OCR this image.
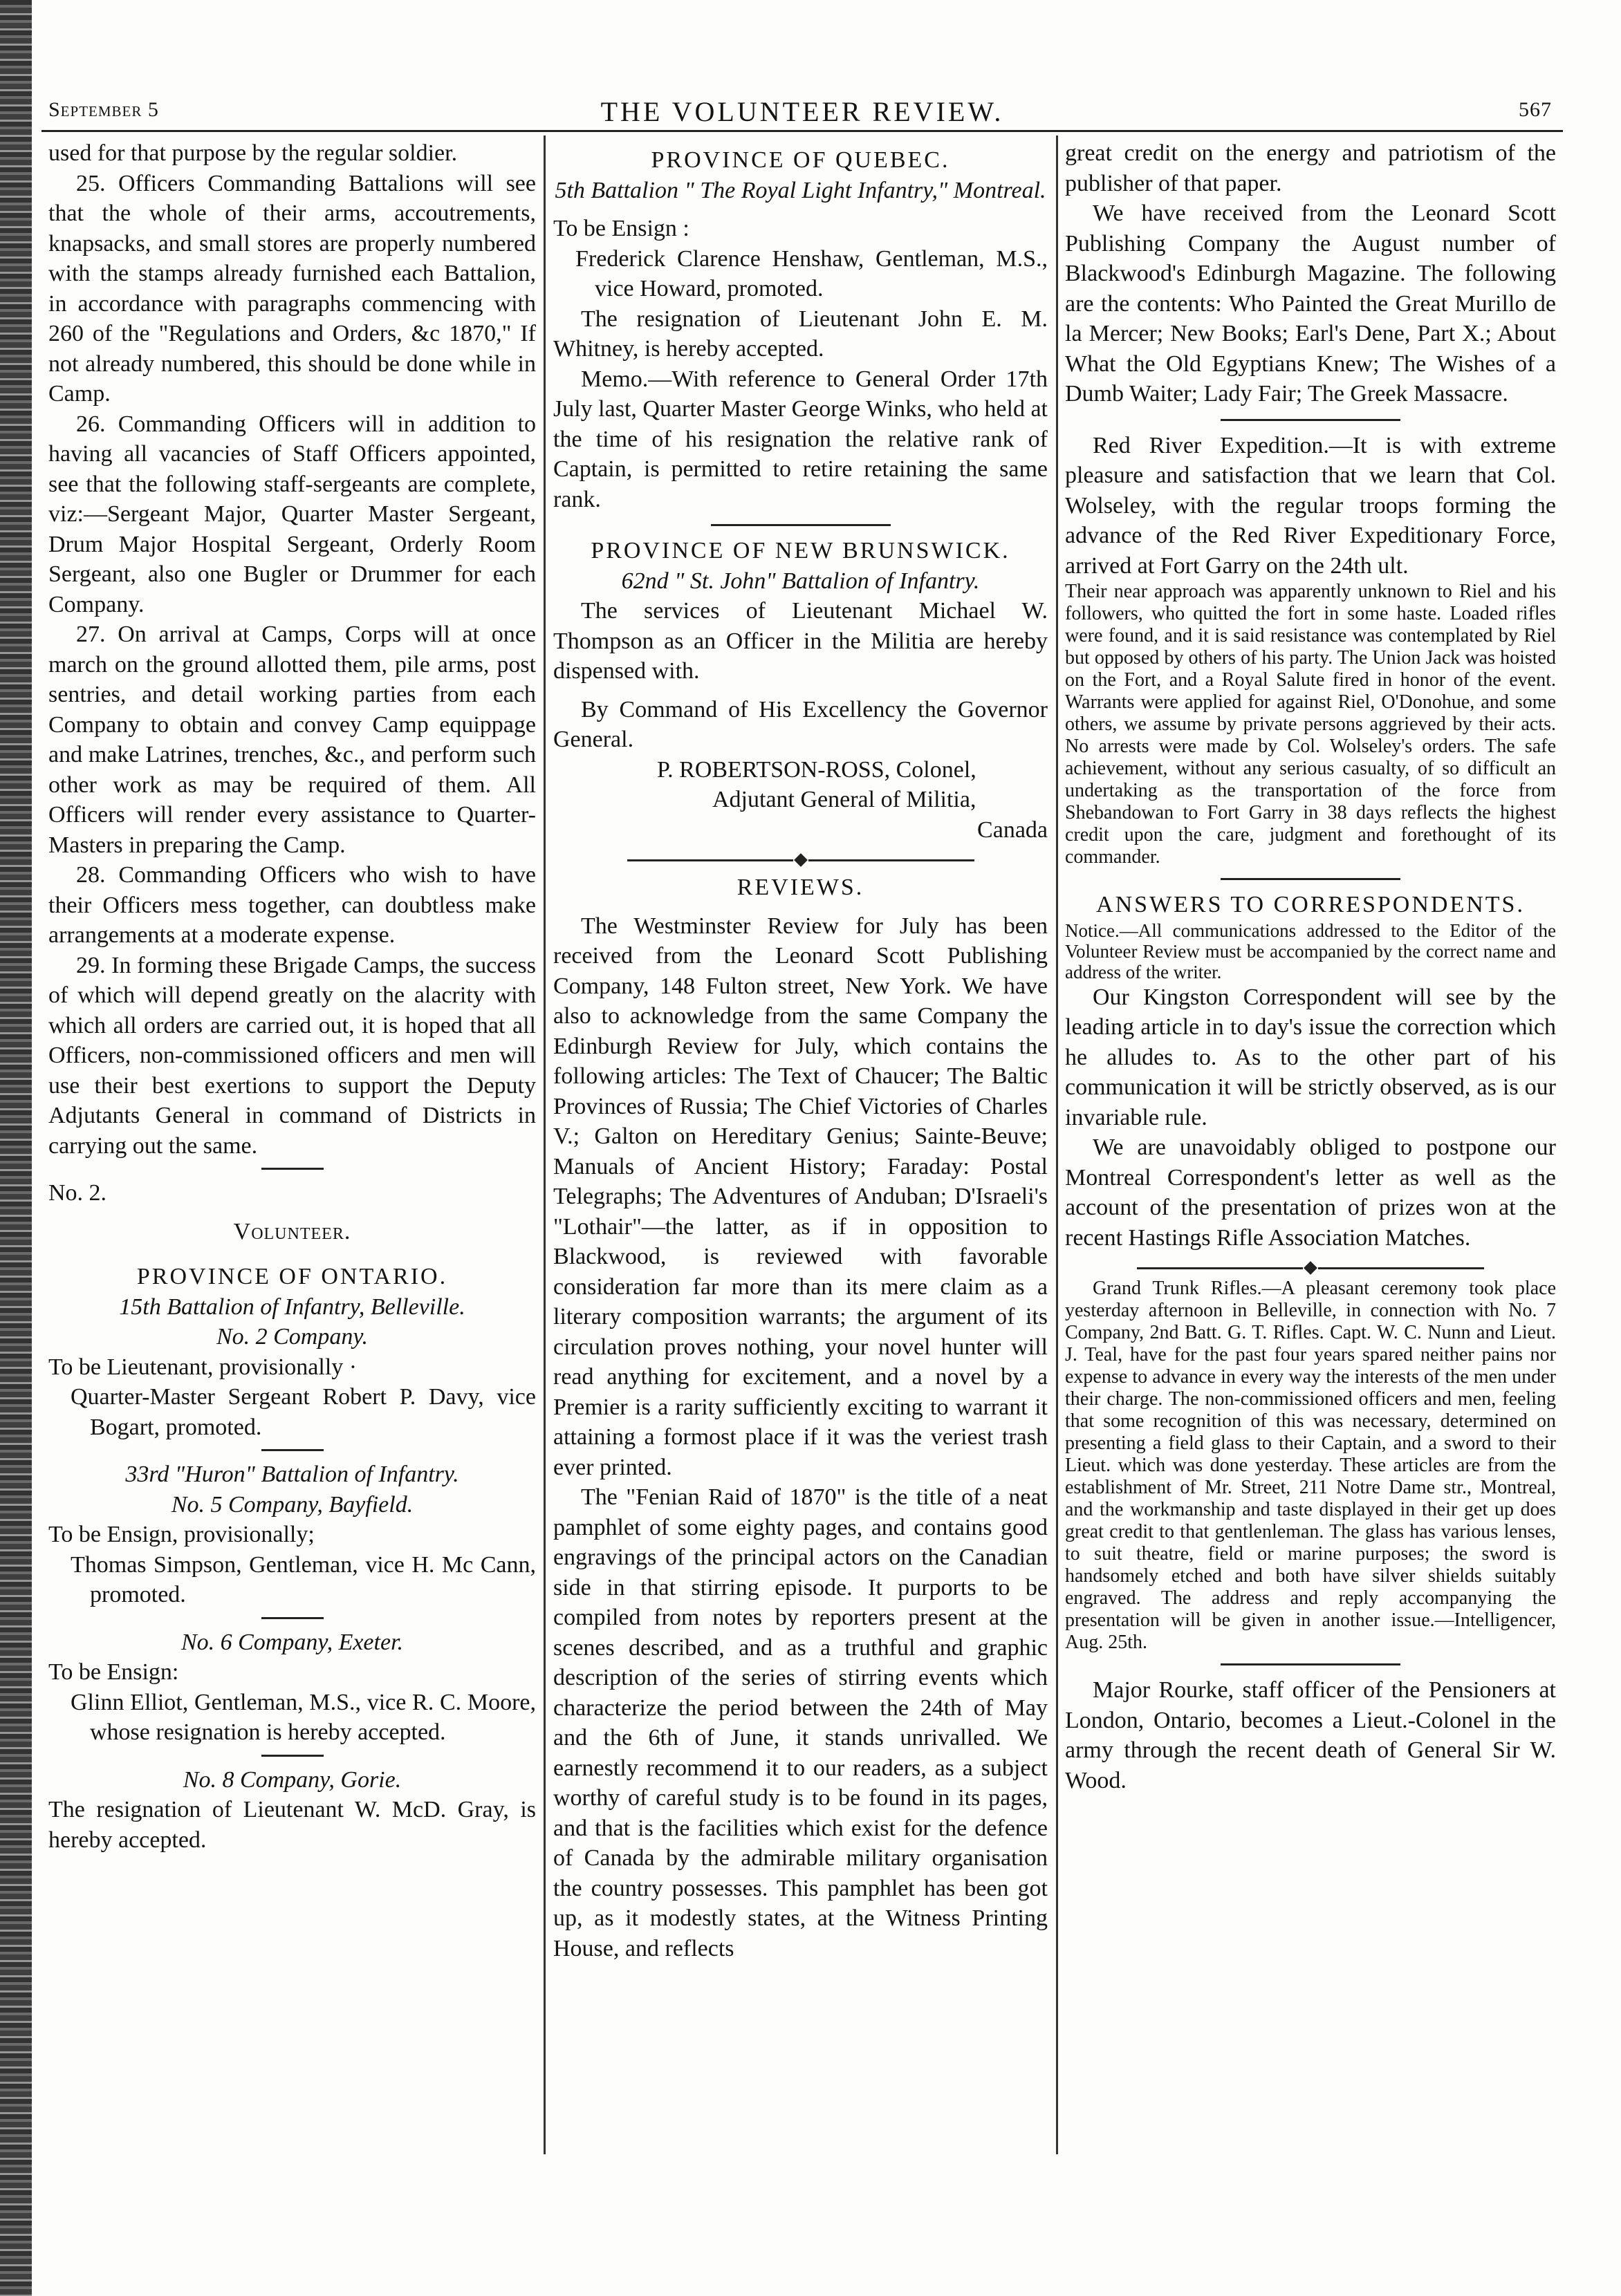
September 5	THE VOLUNTEER REVIEW.	567

used for that purpose by the regular soldier.

25. Officers Commanding Battalions will see that the whole of their arms, accoutrements, knapsacks, and small stores are properly numbered with the stamps already furnished each Battalion, in accordance with paragraphs commencing with 260 of the "Regulations and Orders, &c 1870," If not already numbered, this should be done while in Camp.

26. Commanding Officers will in addition to having all vacancies of Staff Officers appointed, see that the following staff-sergeants are complete, viz:—Sergeant Major, Quarter Master Sergeant, Drum Major Hospital Sergeant, Orderly Room Sergeant, also one Bugler or Drummer for each Company.

27. On arrival at Camps, Corps will at once march on the ground allotted them, pile arms, post sentries, and detail working parties from each Company to obtain and convey Camp equippage and make Latrines, trenches, &c., and perform such other work as may be required of them. All Officers will render every assistance to Quarter-Masters in preparing the Camp.

28. Commanding Officers who wish to have their Officers mess together, can doubtless make arrangements at a moderate expense.

29. In forming these Brigade Camps, the success of which will depend greatly on the alacrity with which all orders are carried out, it is hoped that all Officers, non-commissioned officers and men will use their best exertions to support the Deputy Adjutants General in command of Districts in carrying out the same.

No. 2.

Volunteer.

PROVINCE OF ONTARIO.

15th Battalion of Infantry, Belleville.

No. 2 Company.

To be Lieutenant, provisionally ·

Quarter-Master Sergeant Robert P. Davy, vice Bogart, promoted.

33rd "Huron" Battalion of Infantry.

No. 5 Company, Bayfield.

To be Ensign, provisionally;

Thomas Simpson, Gentleman, vice H. Mc Cann, promoted.

No. 6 Company, Exeter.

To be Ensign:

Glinn Elliot, Gentleman, M.S., vice R. C. Moore, whose resignation is hereby accepted.

No. 8 Company, Gorie.

The resignation of Lieutenant W. McD. Gray, is hereby accepted.

PROVINCE OF QUEBEC.

5th Battalion " The Royal Light Infantry," Montreal.

To be Ensign :

Frederick Clarence Henshaw, Gentleman, M.S., vice Howard, promoted.

The resignation of Lieutenant John E. M. Whitney, is hereby accepted.

Memo.—With reference to General Order 17th July last, Quarter Master George Winks, who held at the time of his resignation the relative rank of Captain, is permitted to retire retaining the same rank.

PROVINCE OF NEW BRUNSWICK.

62nd " St. John" Battalion of Infantry.

The services of Lieutenant Michael W. Thompson as an Officer in the Militia are hereby dispensed with.

By Command of His Excellency the Governor General.

P. ROBERTSON-ROSS, Colonel,

Adjutant General of Militia,

Canada

REVIEWS.

The Westminster Review for July has been received from the Leonard Scott Publishing Company, 148 Fulton street, New York. We have also to acknowledge from the same Company the Edinburgh Review for July, which contains the following articles: The Text of Chaucer; The Baltic Provinces of Russia; The Chief Victories of Charles V.; Galton on Hereditary Genius; Sainte-Beuve; Manuals of Ancient History; Faraday: Postal Telegraphs; The Adventures of Anduban; D'Israeli's "Lothair"—the latter, as if in opposition to Blackwood, is reviewed with favorable consideration far more than its mere claim as a literary composition warrants; the argument of its circulation proves nothing, your novel hunter will read anything for excitement, and a novel by a Premier is a rarity sufficiently exciting to warrant it attaining a formost place if it was the veriest trash ever printed.

The "Fenian Raid of 1870" is the title of a neat pamphlet of some eighty pages, and contains good engravings of the principal actors on the Canadian side in that stirring episode. It purports to be compiled from notes by reporters present at the scenes described, and as a truthful and graphic description of the series of stirring events which characterize the period between the 24th of May and the 6th of June, it stands unrivalled. We earnestly recommend it to our readers, as a subject worthy of careful study is to be found in its pages, and that is the facilities which exist for the defence of Canada by the admirable military organisation the country possesses. This pamphlet has been got up, as it modestly states, at the Witness Printing House, and reflects

great credit on the energy and patriotism of the publisher of that paper.

We have received from the Leonard Scott Publishing Company the August number of Blackwood's Edinburgh Magazine. The following are the contents: Who Painted the Great Murillo de la Mercer; New Books; Earl's Dene, Part X.; About What the Old Egyptians Knew; The Wishes of a Dumb Waiter; Lady Fair; The Greek Massacre.

Red River Expedition.—It is with extreme pleasure and satisfaction that we learn that Col. Wolseley, with the regular troops forming the advance of the Red River Expeditionary Force, arrived at Fort Garry on the 24th ult.

Their near approach was apparently unknown to Riel and his followers, who quitted the fort in some haste. Loaded rifles were found, and it is said resistance was contemplated by Riel but opposed by others of his party. The Union Jack was hoisted on the Fort, and a Royal Salute fired in honor of the event. Warrants were applied for against Riel, O'Donohue, and some others, we assume by private persons aggrieved by their acts. No arrests were made by Col. Wolseley's orders. The safe achievement, without any serious casualty, of so difficult an undertaking as the transportation of the force from Shebandowan to Fort Garry in 38 days reflects the highest credit upon the care, judgment and forethought of its commander.

ANSWERS TO CORRESPONDENTS.

Notice.—All communications addressed to the Editor of the Volunteer Review must be accompanied by the correct name and address of the writer.

Our Kingston Correspondent will see by the leading article in to day's issue the correction which he alludes to. As to the other part of his communication it will be strictly observed, as is our invariable rule.

We are unavoidably obliged to postpone our Montreal Correspondent's letter as well as the account of the presentation of prizes won at the recent Hastings Rifle Association Matches.

Grand Trunk Rifles.—A pleasant ceremony took place yesterday afternoon in Belleville, in connection with No. 7 Company, 2nd Batt. G. T. Rifles. Capt. W. C. Nunn and Lieut. J. Teal, have for the past four years spared neither pains nor expense to advance in every way the interests of the men under their charge. The non-commissioned officers and men, feeling that some recognition of this was necessary, determined on presenting a field glass to their Captain, and a sword to their Lieut. which was done yesterday. These articles are from the establishment of Mr. Street, 211 Notre Dame str., Montreal, and the workmanship and taste displayed in their get up does great credit to that gentlenleman. The glass has various lenses, to suit theatre, field or marine purposes; the sword is handsomely etched and both have silver shields suitably engraved. The address and reply accompanying the presentation will be given in another issue.—Intelligencer, Aug. 25th.

Major Rourke, staff officer of the Pensioners at London, Ontario, becomes a Lieut.-Colonel in the army through the recent death of General Sir W. Wood.
